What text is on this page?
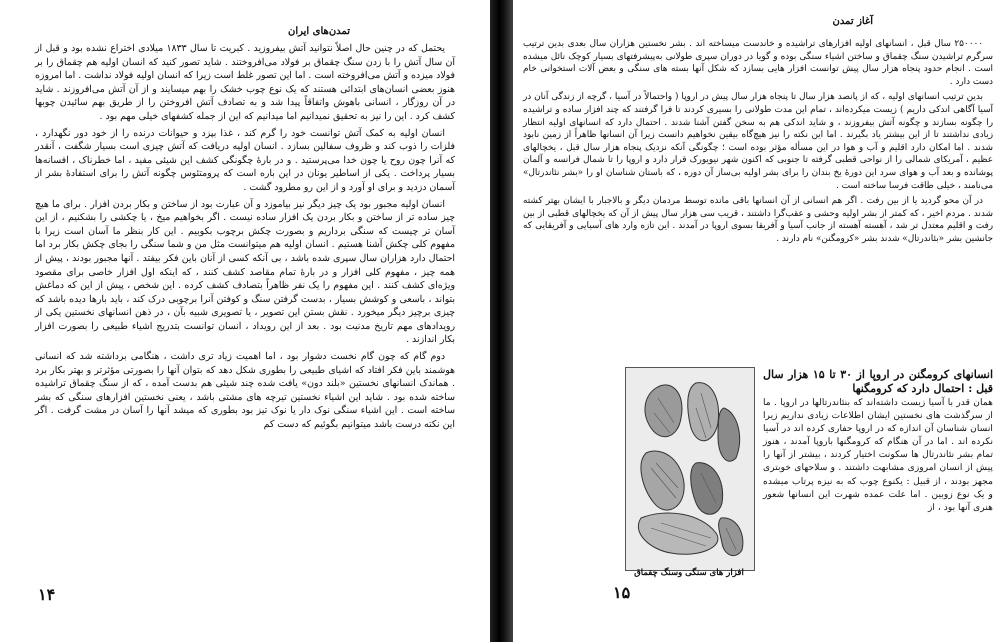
تمدن‌های ایران

یحتمل که در چنین حال اصلاً نتوانید آتش بیفروزید . کبریت تا سال ۱۸۳۳ میلادی اختراع نشده بود و قبل از آن سال آتش را با زدن سنگ چقماق بر فولاد می‌افروختند . شاید تصور کنید که انسان اولیه هم چقماق را بر فولاد میزده و آتش می‌افروخته است . اما این تصور غلط است زیرا که انسان اولیه فولاد نداشت . اما امروزه هنوز بعضی انسان‌های ابتدائی هستند که یک نوع چوب خشک را بهم میسایند و از آن آتش می‌افروزند . شاید در آن روزگار ، انسانی باهوش واتفاقاً پیدا شد و به تصادف آتش افروختن را از طریق بهم سائیدن چوبها کشف کرد . این را نیز به تحقیق نمیدانیم اما میدانیم که این از جمله کشفهای خیلی مهم بود .

انسان اولیه به کمک آتش توانست خود را گرم کند ، غذا بپزد و حیوانات درنده را از خود دور نگهدارد ، فلزات را ذوب کند و ظروف سفالین بسازد . انسان اولیه دریافت که آتش چیزی است بسیار شگفت ، آنقدر که آنرا چون روح یا چون خدا می‌پرستید . و در بارهٔ چگونگی کشف این شیئی مفید ، اما خطرناک ، افسانه‌ها بسیار پرداخت . یکی از اساطیر یونان در این باره است که پرومتئوس چگونه آتش را برای استفادهٔ بشر از آسمان دزدید و برای او آورد و از این رو مطرود گشت .

انسان اولیه مجبور بود یک چیز دیگر نیز بیاموزد و آن عبارت بود از ساختن و بکار بردن افزار . برای ما هیچ چیز ساده تر از ساختن و بکار بردن یک افزار ساده نیست . اگر بخواهیم میخ ، یا چکشی را بشکنیم ، از این آسان تر چیست که سنگی برداریم و بصورت چکش برچوب بکوبیم . این کار بنظر ما آسان است زیرا با مفهوم کلی چکش آشنا هستیم . انسان اولیه هم میتوانست مثل من و شما سنگی را بجای چکش بکار برد اما احتمال دارد هزاران سال سپری شده باشد ، بی آنکه کسی از آنان باین فکر بیفتد . آنها مجبور بودند ، پیش از همه چیز ، مفهوم کلی افزار و در بارهٔ تمام مقاصد کشف کنند ، که اینکه اول افزار خاصی برای مقصود ویژه‌ای کشف کنند . این مفهوم را یک نفر ظاهراً بتصادف کشف کرده . این شخص ، پیش از این که دماغش بتواند ، باسعی و کوشش بسیار ، بدست گرفتن سنگ و کوفتن آنرا برچوبی درک کند ، باید بارها دیده باشد که چیزی برچیز دیگر میخورد . نقش بستن این تصویر ، یا تصویری شبیه بآن ، در ذهن انسانهای نخستین یکی از رویدادهای مهم تاریخ مدنیت بود . بعد از این رویداد ، انسان توانست بتدریج اشیاء طبیعی را بصورت افزار بکار اندازند .

دوم گام که چون گام نخست دشوار بود ، اما اهمیت زیاد تری داشت ، هنگامی برداشته شد که انسانی هوشمند باین فکر افتاد که اشیای طبیعی را بطوری شکل دهد که بتوان آنها را بصورتی مؤثرتر و بهتر بکار برد . هماندک انسانهای نخستین «بلند دون» یافت شده چند شیئی هم بدست آمده ، که از سنگ چقماق تراشیده ساخته شده بود . شاید این اشیاء نخستین تیرچه های مشتی باشد ، یعنی نخستین افزارهای سنگی که بشر ساخته است . این اشیاء سنگی نوک دار یا نوک تیز بود بطوری که میشد آنها را آسان در مشت گرفت . اگر این نکته درست باشد میتوانیم بگوئیم که دست کم

۱۴
آغاز تمدن

۲۵۰۰۰۰ سال قبل ، انسانهای اولیه افزارهای تراشیده و خاندست میساخته اند . بشر نخستین هزاران سال بعدی بدین ترتیب سرگرم تراشیدن سنگ چقماق و ساختن اشیاء سنگی بوده و گویا در دوران سپری طولانی به‌پیشرفتهای بسیار کوچک نائل میشده است . انجام حدود پنجاه هزار سال پیش توانست افزار هایی بسازد که شکل آنها بسته های سنگی و بعض آلات استخوانی خام دست دارد .

بدین ترتیب انسانهای اولیه ، که از پانصد هزار سال تا پنجاه هزار سال پیش در اروپا ( واحتمالاً در آسیا ، گرچه از زندگی آنان در آسیا آگاهی اندکی داریم ) زیست میکرده‌اند ، تمام این مدت طولانی را بسیری کردند تا فرا گرفتند که چند افزار ساده و تراشیده را چگونه بسازند و چگونه آتش بیفروزند ، و شاید اندکی هم به سخن گفتن آشنا شدند . احتمال دارد که انسانهای اولیه انتظار زیادی نداشتند تا از این بیشتر یاد بگیرند . اما این نکته را نیز هیچ‌گاه بیقین نخواهیم دانست زیرا آن انسانها ظاهراً از زمین نابود شدند . اما امکان دارد اقلیم و آب و هوا در این مسأله مؤثر بوده است ؛ چگونگی آنکه نزدیک پنجاه هزار سال قبل ، یخچالهای عظیم ، آمریکای شمالی را از نواحی قطبی گرفته تا جنوبی که اکنون شهر نیویورک قرار دارد و اروپا را تا شمال فرانسه و آلمان پوشانده و بعد آب و هوای سرد این دورهٔ یخ بندان را برای بشر اولیه بی‌ساز آن دوره ، که باستان شناسان او را «بشر نئاندرتال» می‌نامند ، خیلی طاقت فرسا ساخته است .

در آن محو گردید یا از بین رفت . اگر هم انسانی از آن انسانها باقی مانده توسط مردمان دیگر و بالاجبار با ایشان بهتر کشته شدند . مردم اخیر ، که کمتر از بشر اولیه وحشی و عقب‌گرا داشتند ، قریب سی هزار سال پیش از آن که یخچالهای قطبی از بین رفت و اقلیم معتدل تر شد ، آهسته آهسته از جانب آسیا و آفریقا بسوی اروپا در آمدند . این تازه وارد های آسیایی و آفریقایی که جانشین بشر «بئاندرتال» شدند بشر «کرومگنن» نام دارند .

افزار های سنگی وسنگ چقماق
انسانهای کرومگنن در اروپا از ۳۰ تا ۱۵ هزار سال قبل : احتمال دارد که کرومگنها
همان قدر با آسیا زیست داشته‌اند که بنئاندرتالها در اروپا . ما از سرگذشت های نخستین ایشان اطلاعات زیادی نداریم زیرا انسان شناسان آن اندازه که در اروپا حفاری کرده اند در آسیا نکرده اند . اما در آن هنگام که کرومگنها باروپا آمدند ، هنوز تمام بشر نئاندرتال ها سکونت اختیار کردند ، بیشتر از آنها را پیش از انسان امروزی مشابهت داشتند . و سلاحهای خوبتری مجهز بودند ، از قبیل : یکنوع چوب که به نیزه پرتاب میشده و یک نوع زوبین . اما علت عمده شهرت این انسانها شعور هنری آنها بود ، از
۱۵
